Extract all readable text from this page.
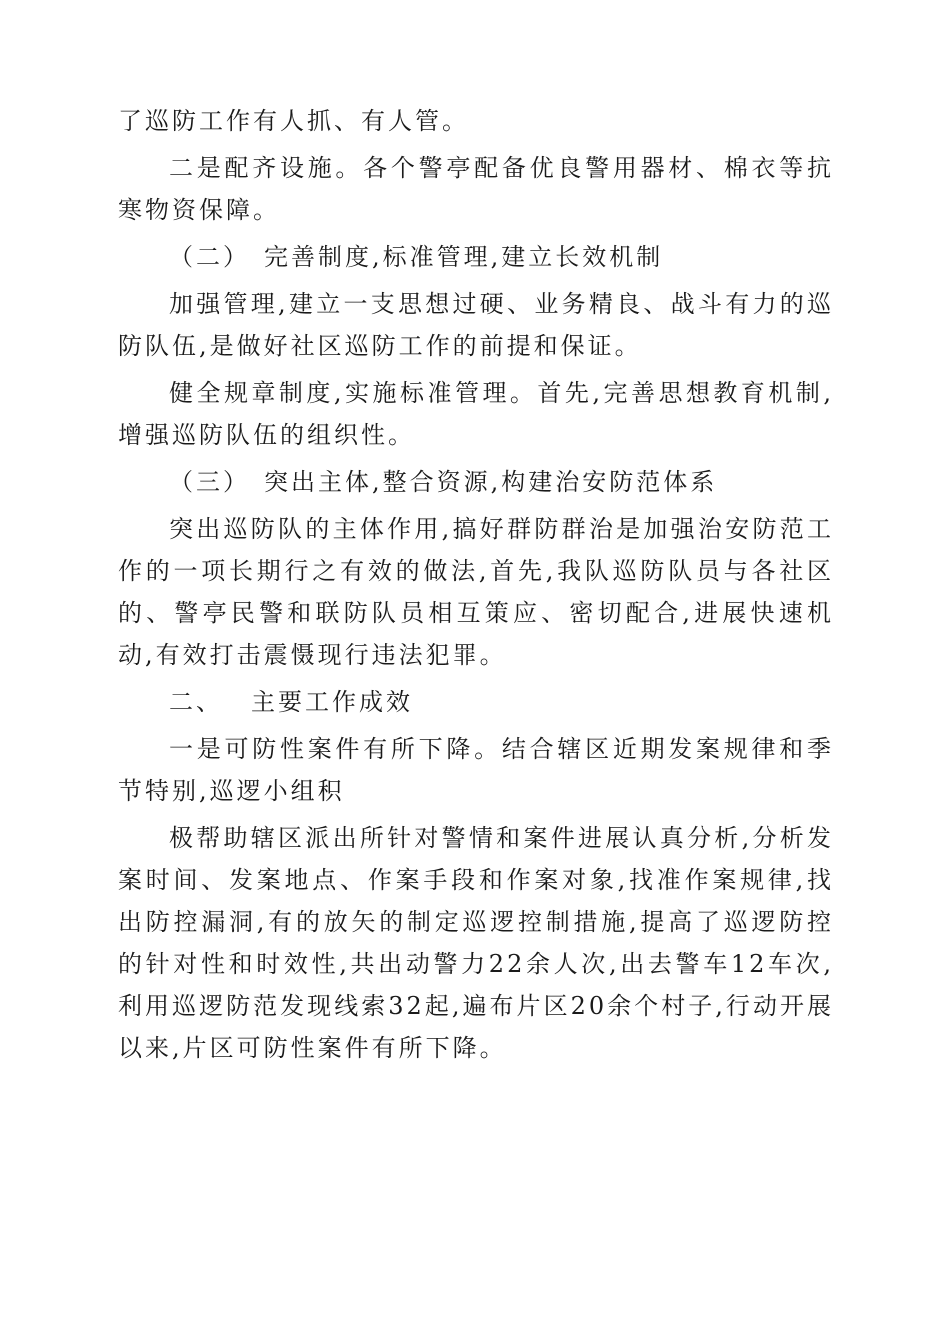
了巡防工作有人抓、有人管。

二是配齐设施。各个警亭配备优良警用器材、棉衣等抗寒物资保障。

（二） 完善制度,标准管理,建立长效机制

加强管理,建立一支思想过硬、业务精良、战斗有力的巡防队伍,是做好社区巡防工作的前提和保证。

健全规章制度,实施标准管理。首先,完善思想教育机制,增强巡防队伍的组织性。

（三） 突出主体,整合资源,构建治安防范体系

突出巡防队的主体作用,搞好群防群治是加强治安防范工作的一项长期行之有效的做法,首先,我队巡防队员与各社区的、警亭民警和联防队员相互策应、密切配合,进展快速机动,有效打击震慑现行违法犯罪。

二、 主要工作成效

一是可防性案件有所下降。结合辖区近期发案规律和季节特别,巡逻小组积

极帮助辖区派出所针对警情和案件进展认真分析,分析发案时间、发案地点、作案手段和作案对象,找准作案规律,找出防控漏洞,有的放矢的制定巡逻控制措施,提高了巡逻防控的针对性和时效性,共出动警力22余人次,出去警车12车次,利用巡逻防范发现线索32起,遍布片区20余个村子,行动开展以来,片区可防性案件有所下降。
